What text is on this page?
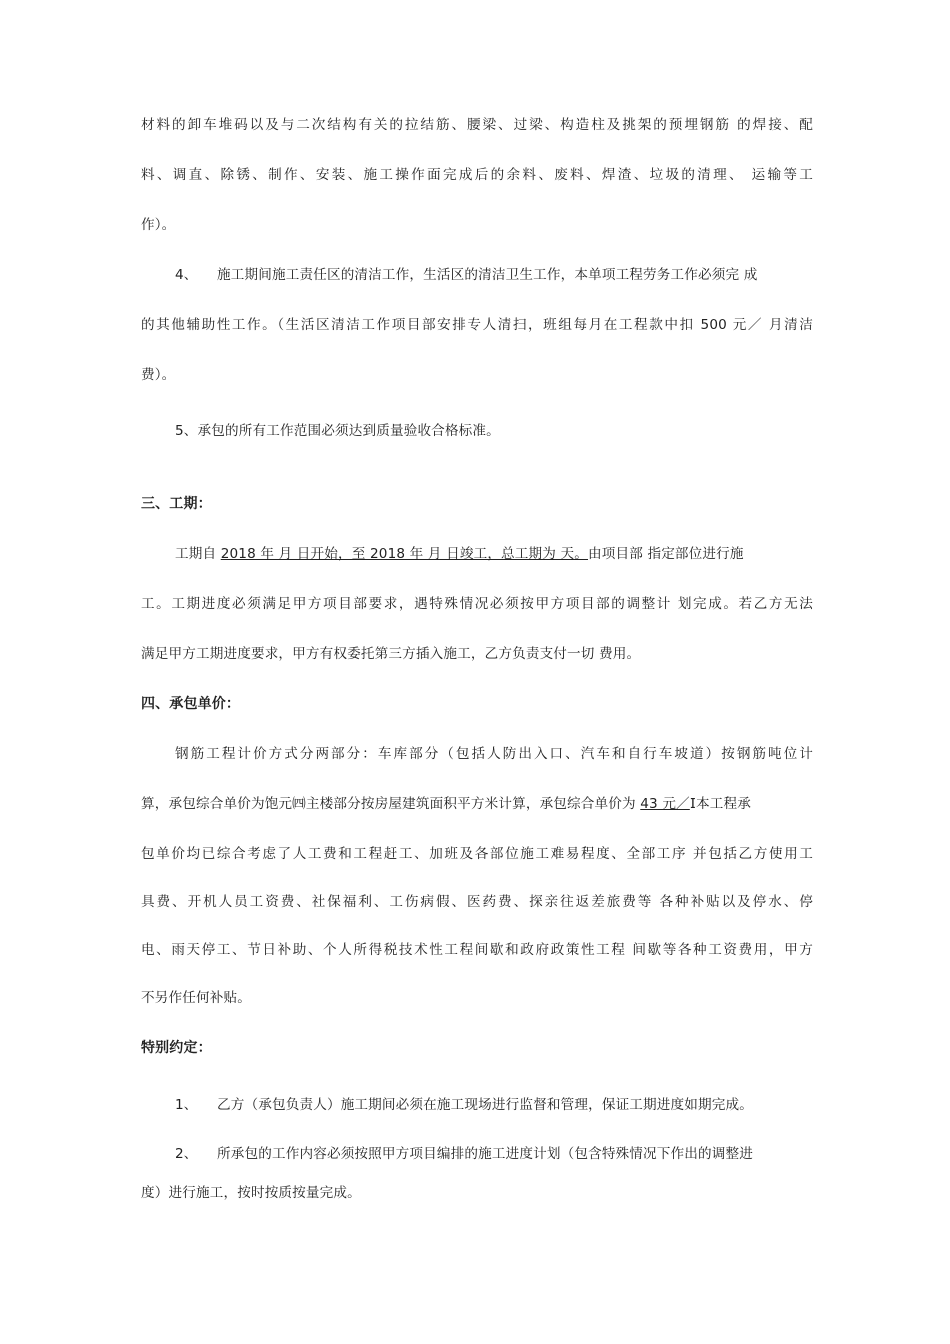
材料的卸车堆码以及与二次结构有关的拉结筋、腰梁、过梁、构造柱及挑架的预埋钢筋 的焊接、配
料、调直、除锈、制作、安装、施工操作面完成后的余料、废料、焊渣、垃圾的清理、 运输等工
作）。
4、 施工期间施工责任区的清洁工作，生活区的清洁卫生工作，本单项工程劳务工作必须完 成
的其他辅助性工作。（生活区清洁工作项目部安排专人清扫，班组每月在工程款中扣 500 元／ 月清洁
费）。
5、承包的所有工作范围必须达到质量验收合格标准。
三、工期：
工期自 2018 年 月 日开始，至 2018 年 月 日竣工，总工期为 天。由项目部 指定部位进行施
工。工期进度必须满足甲方项目部要求，遇特殊情况必须按甲方项目部的调整计 划完成。若乙方无法
满足甲方工期进度要求，甲方有权委托第三方插入施工，乙方负责支付一切 费用。
四、承包单价：
钢筋工程计价方式分两部分：车库部分（包括人防出入口、汽车和自行车坡道）按钢筋吨位计
算，承包综合单价为饱元㈣主楼部分按房屋建筑面积平方米计算，承包综合单价为 43 元／𝖨本工程承
包单价均已综合考虑了人工费和工程赶工、加班及各部位施工难易程度、全部工序 并包括乙方使用工
具费、开机人员工资费、社保福利、工伤病假、医药费、探亲往返差旅费等 各种补贴以及停水、停
电、雨天停工、节日补助、个人所得税技术性工程间歇和政府政策性工程 间歇等各种工资费用，甲方
不另作任何补贴。
特别约定：
1、 乙方（承包负责人）施工期间必须在施工现场进行监督和管理，保证工期进度如期完成。
2、 所承包的工作内容必须按照甲方项目编排的施工进度计划（包含特殊情况下作出的调整进
度）进行施工，按时按质按量完成。
